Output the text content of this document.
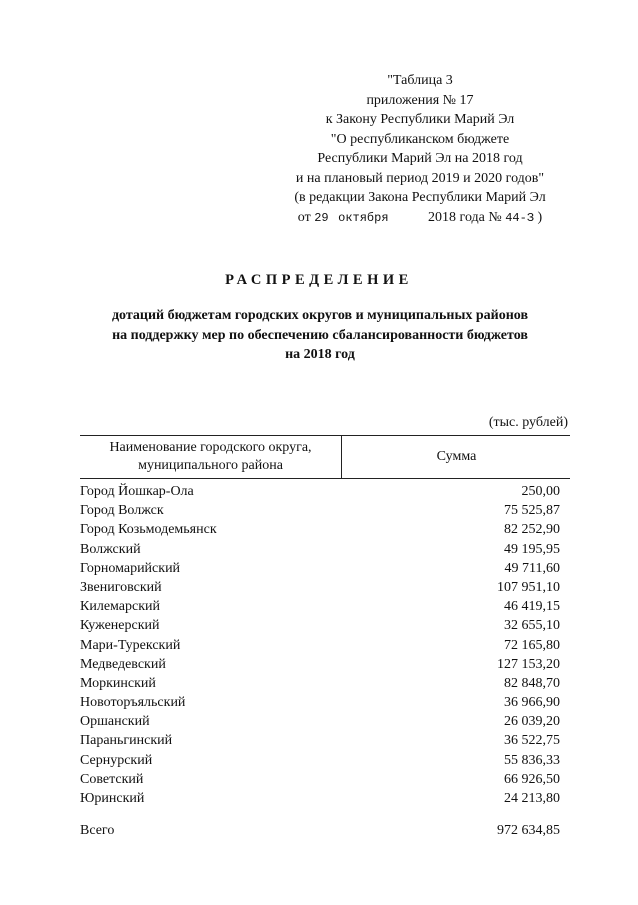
"Таблица 3
приложения № 17
к Закону Республики Марий Эл
"О республиканском бюджете
Республики Марий Эл на 2018 год
и на плановый период 2019 и 2020 годов"
(в редакции Закона Республики Марий Эл
от 29 октября	2018 года № 44-З )
РАСПРЕДЕЛЕНИЕ
дотаций бюджетам городских округов и муниципальных районов
на поддержку мер по обеспечению сбалансированности бюджетов
на 2018 год
(тыс. рублей)
Наименование городского округа,
муниципального района
Сумма
Город Йошкар-Ола	250,00
Город Волжск	75 525,87
Город Козьмодемьянск	82 252,90
Волжский	49 195,95
Горномарийский	49 711,60
Звениговский	107 951,10
Килемарский	46 419,15
Куженерский	32 655,10
Мари-Турекский	72 165,80
Медведевский	127 153,20
Моркинский	82 848,70
Новоторъяльский	36 966,90
Оршанский	26 039,20
Параньгинский	36 522,75
Сернурский	55 836,33
Советский	66 926,50
Юринский	24 213,80
Всего	972 634,85
